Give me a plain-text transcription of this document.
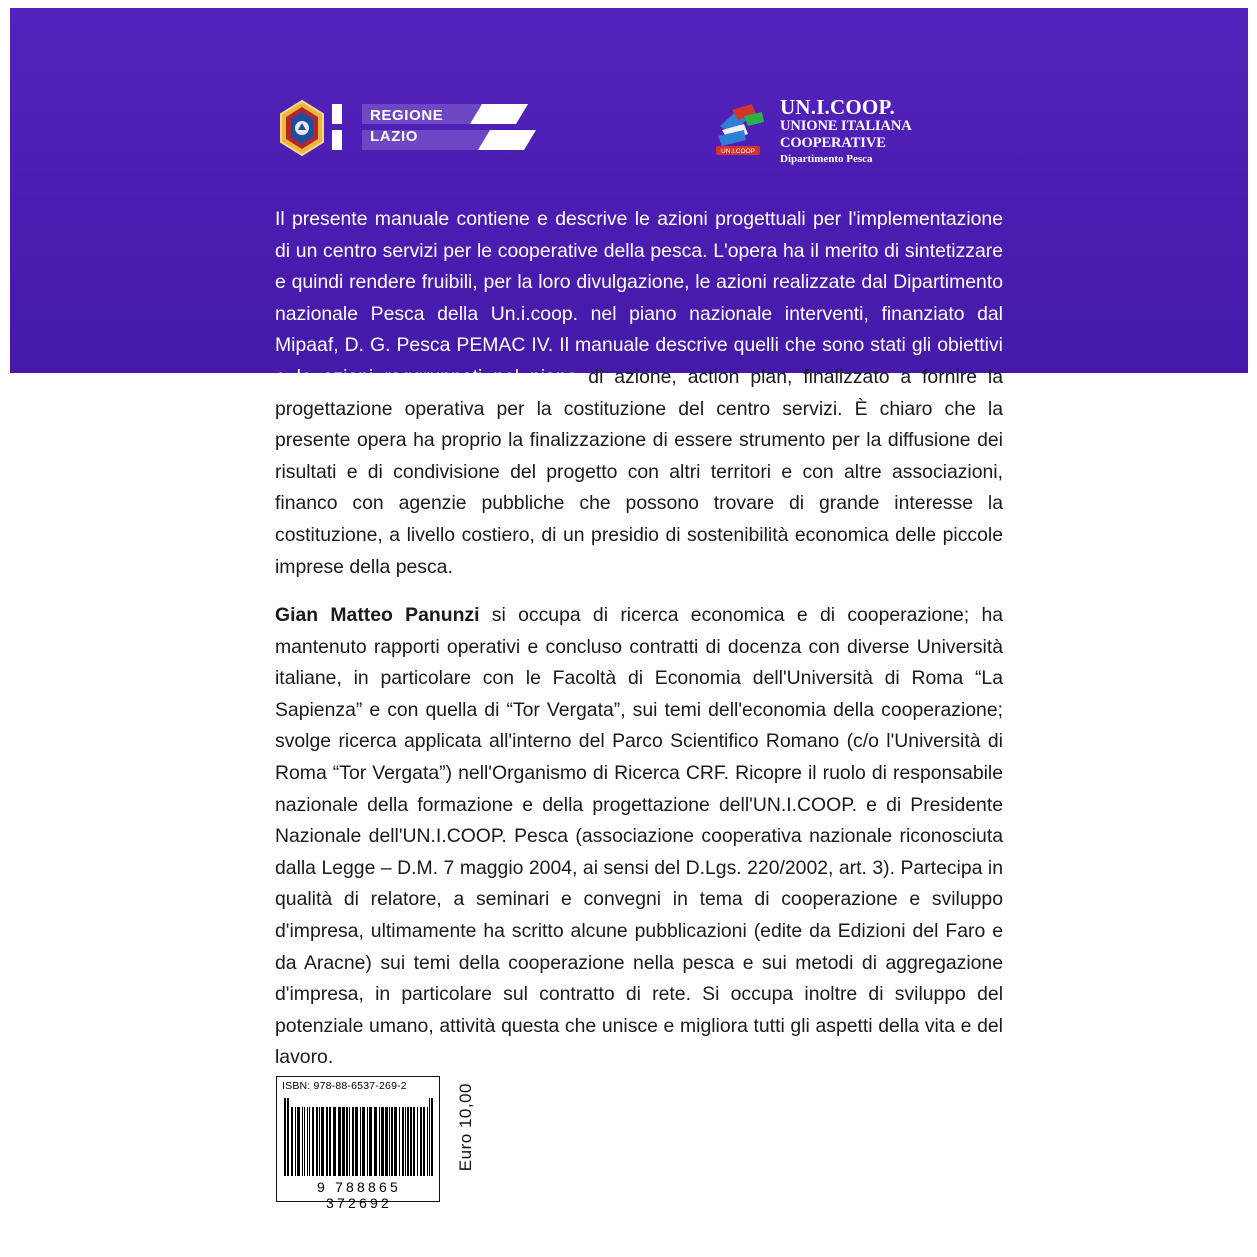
REGIONE
LAZIO
UN.I.COOP
UN.I.COOP.
UNIONE ITALIANA COOPERATIVE
Dipartimento Pesca
Il presente manuale contiene e descrive le azioni progettuali per l'implementazione di un centro servizi per le cooperative della pesca. L'opera ha il merito di sintetizzare e quindi rendere fruibili, per la loro divulgazione, le azioni realizzate dal Dipartimento nazionale Pesca della Un.i.coop. nel piano nazionale interventi, finanziato dal Mipaaf, D. G. Pesca PEMAC IV. Il manuale descrive quelli che sono stati gli obiettivi e le azioni raggruppati nel piano di azione, action plan, finalizzato a fornire la progettazione operativa per la costituzione del centro servizi. È chiaro che la presente opera ha proprio la finalizzazione di essere strumento per la diffusione dei risultati e di condivisione del progetto con altri territori e con altre associazioni, financo con agenzie pubbliche che possono trovare di grande interesse la costituzione, a livello costiero, di un presidio di sostenibilità economica delle piccole imprese della pesca.
Gian Matteo Panunzi si occupa di ricerca economica e di cooperazione; ha mantenuto rapporti operativi e concluso contratti di docenza con diverse Università italiane, in particolare con le Facoltà di Economia dell'Università di Roma “La Sapienza” e con quella di “Tor Vergata”, sui temi dell'economia della cooperazione; svolge ricerca applicata all'interno del Parco Scientifico Romano (c/o l'Università di Roma “Tor Vergata”) nell'Organismo di Ricerca CRF. Ricopre il ruolo di responsabile nazionale della formazione e della progettazione dell'UN.I.COOP. e di Presidente Nazionale dell'UN.I.COOP. Pesca (associazione cooperativa nazionale riconosciuta dalla Legge – D.M. 7 maggio 2004, ai sensi del D.Lgs. 220/2002, art. 3). Partecipa in qualità di relatore, a seminari e convegni in tema di cooperazione e sviluppo d'impresa, ultimamente ha scritto alcune pubblicazioni (edite da Edizioni del Faro e da Aracne) sui temi della cooperazione nella pesca e sui metodi di aggregazione d'impresa, in particolare sul contratto di rete. Si occupa inoltre di sviluppo del potenziale umano, attività questa che unisce e migliora tutti gli aspetti della vita e del lavoro.
ISBN: 978-88-6537-269-2
9 788865 372692
Euro 10,00
